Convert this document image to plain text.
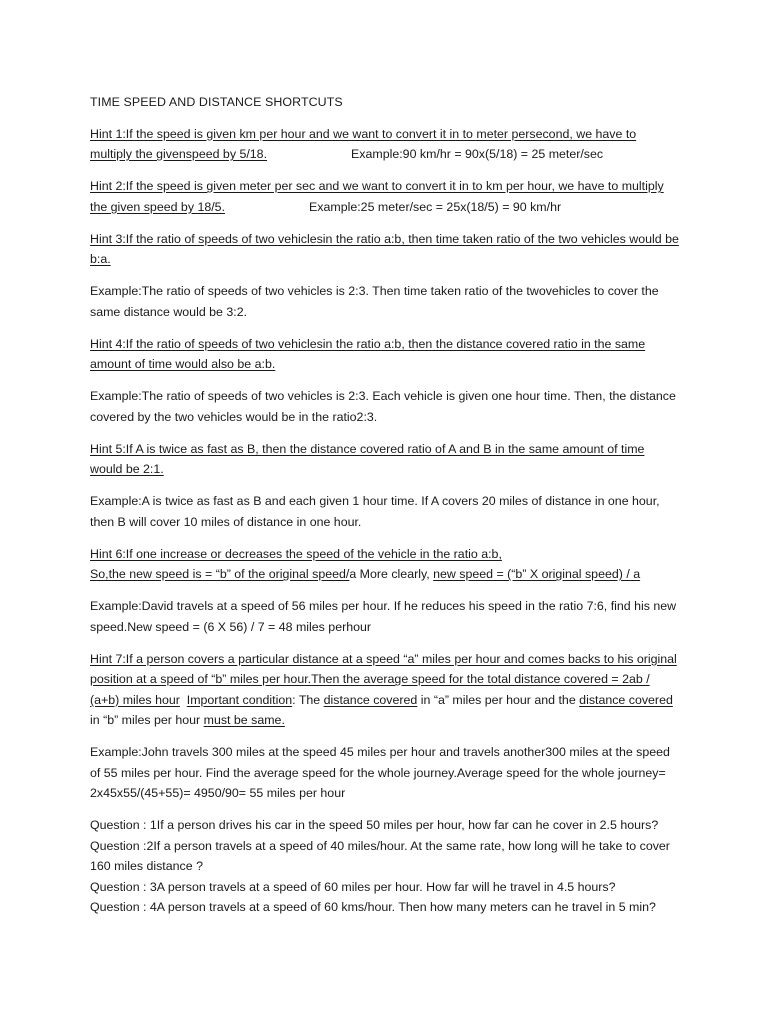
TIME SPEED AND DISTANCE SHORTCUTS

Hint 1:If the speed is given km per hour and we want to convert it in to meter persecond, we have to multiply the givenspeed by 5/18.	Example:90 km/hr = 90x(5/18) = 25 meter/sec

Hint 2:If the speed is given meter per sec and we want to convert it in to km per hour, we have to multiply the given speed by 18/5.	Example:25 meter/sec = 25x(18/5) = 90 km/hr

Hint 3:If the ratio of speeds of two vehiclesin the ratio a:b, then time taken ratio of the two vehicles would be b:a.

Example:The ratio of speeds of two vehicles is 2:3. Then time taken ratio of the twovehicles to cover the same distance would be 3:2.

Hint 4:If the ratio of speeds of two vehiclesin the ratio a:b, then the distance covered ratio in the same amount of time would also be a:b.

Example:The ratio of speeds of two vehicles is 2:3. Each vehicle is given one hour time. Then, the distance covered by the two vehicles would be in the ratio2:3.

Hint 5:If A is twice as fast as B, then the distance covered ratio of A and B in the same amount of time would be 2:1.

Example:A is twice as fast as B and each given 1 hour time. If A covers 20 miles of distance in one hour, then B will cover 10 miles of distance in one hour.

Hint 6:If one increase or decreases the speed of the vehicle in the ratio a:b,
So,the new speed is = “b” of the original speed/a More clearly, new speed = (“b” X original speed) / a

Example:David travels at a speed of 56 miles per hour. If he reduces his speed in the ratio 7:6, find his new speed.New speed = (6 X 56) / 7 = 48 miles perhour

Hint 7:If a person covers a particular distance at a speed “a” miles per hour and comes backs to his original position at a speed of “b” miles per hour.Then the average speed for the total distance covered = 2ab / (a+b) miles hour Important condition: The distance covered in “a” miles per hour and the distance covered in “b” miles per hour must be same.

Example:John travels 300 miles at the speed 45 miles per hour and travels another300 miles at the speed of 55 miles per hour. Find the average speed for the whole journey.Average speed for the whole journey= 2x45x55/(45+55)= 4950/90= 55 miles per hour

Question : 1If a person drives his car in the speed 50 miles per hour, how far can he cover in 2.5 hours?

Question :2If a person travels at a speed of 40 miles/hour. At the same rate, how long will he take to cover 160 miles distance ?

Question : 3A person travels at a speed of 60 miles per hour. How far will he travel in 4.5 hours?

Question : 4A person travels at a speed of 60 kms/hour. Then how many meters can he travel in 5 min?
